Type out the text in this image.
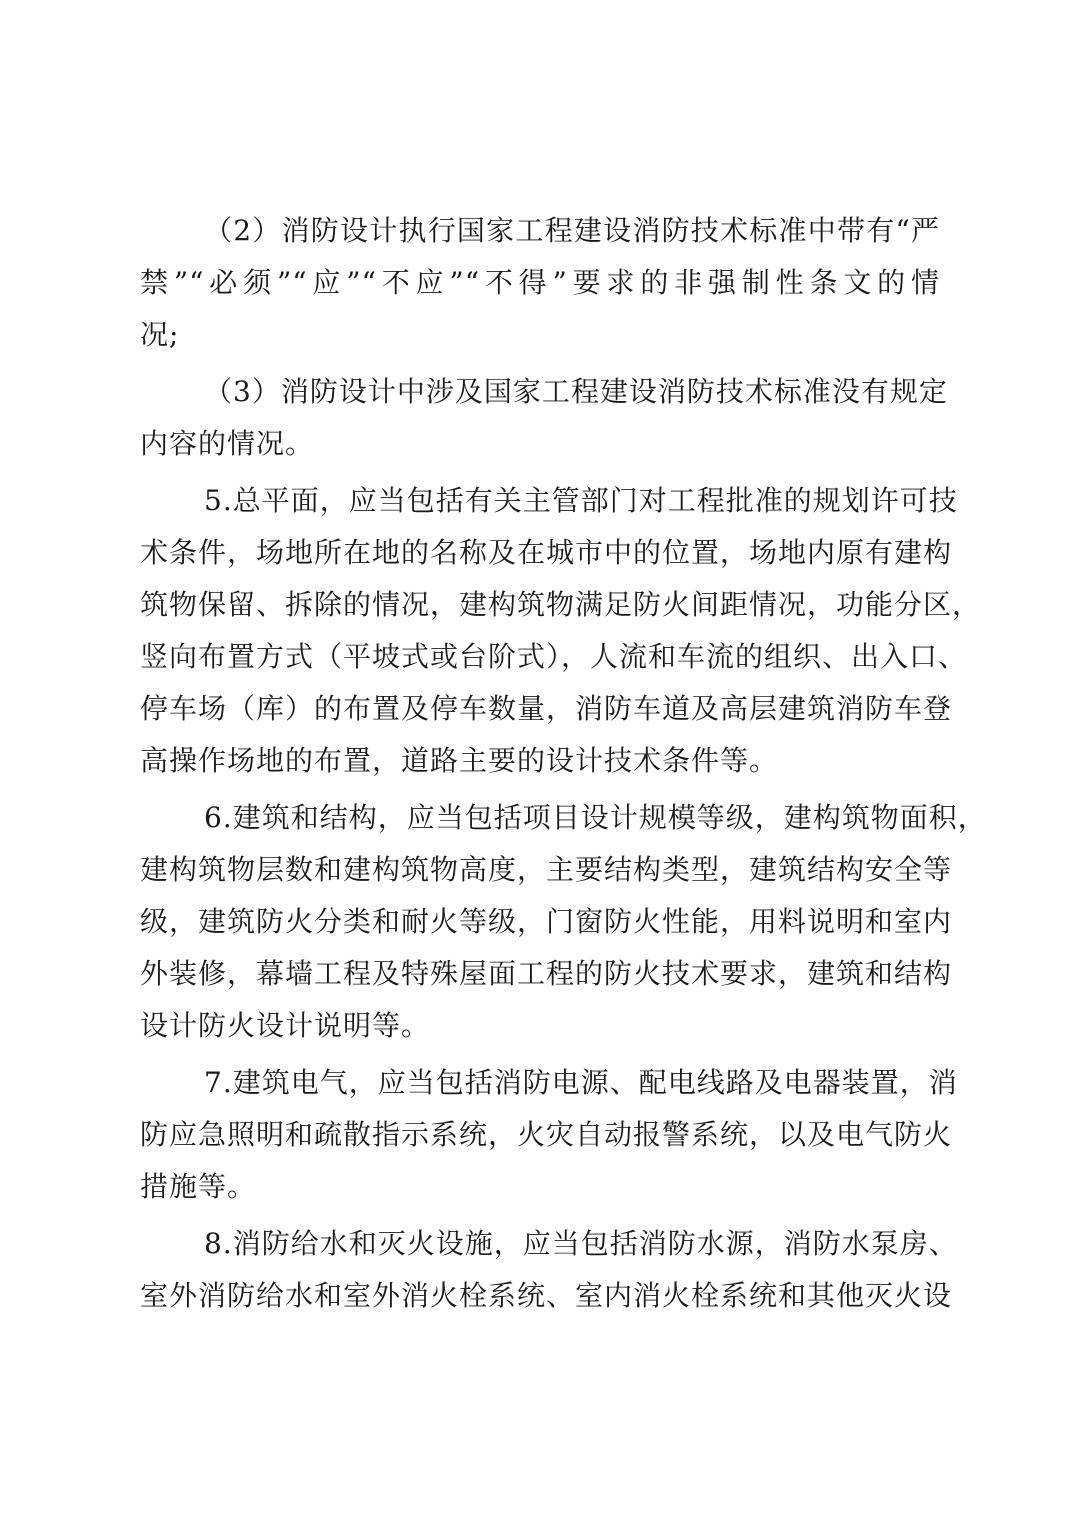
（2）消防设计执行国家工程建设消防技术标准中带有“严
禁”“必须”“应”“不应”“不得”要求的非强制性条文的情
况;
（3）消防设计中涉及国家工程建设消防技术标准没有规定
内容的情况。
5.总平面，应当包括有关主管部门对工程批准的规划许可技
术条件，场地所在地的名称及在城市中的位置，场地内原有建构
筑物保留、拆除的情况，建构筑物满足防火间距情况，功能分区，
竖向布置方式（平坡式或台阶式），人流和车流的组织、出入口、
停车场（库）的布置及停车数量，消防车道及高层建筑消防车登
高操作场地的布置，道路主要的设计技术条件等。
6.建筑和结构，应当包括项目设计规模等级，建构筑物面积，
建构筑物层数和建构筑物高度，主要结构类型，建筑结构安全等
级，建筑防火分类和耐火等级，门窗防火性能，用料说明和室内
外装修，幕墙工程及特殊屋面工程的防火技术要求，建筑和结构
设计防火设计说明等。
7.建筑电气，应当包括消防电源、配电线路及电器装置，消
防应急照明和疏散指示系统，火灾自动报警系统，以及电气防火
措施等。
8.消防给水和灭火设施，应当包括消防水源，消防水泵房、
室外消防给水和室外消火栓系统、室内消火栓系统和其他灭火设
